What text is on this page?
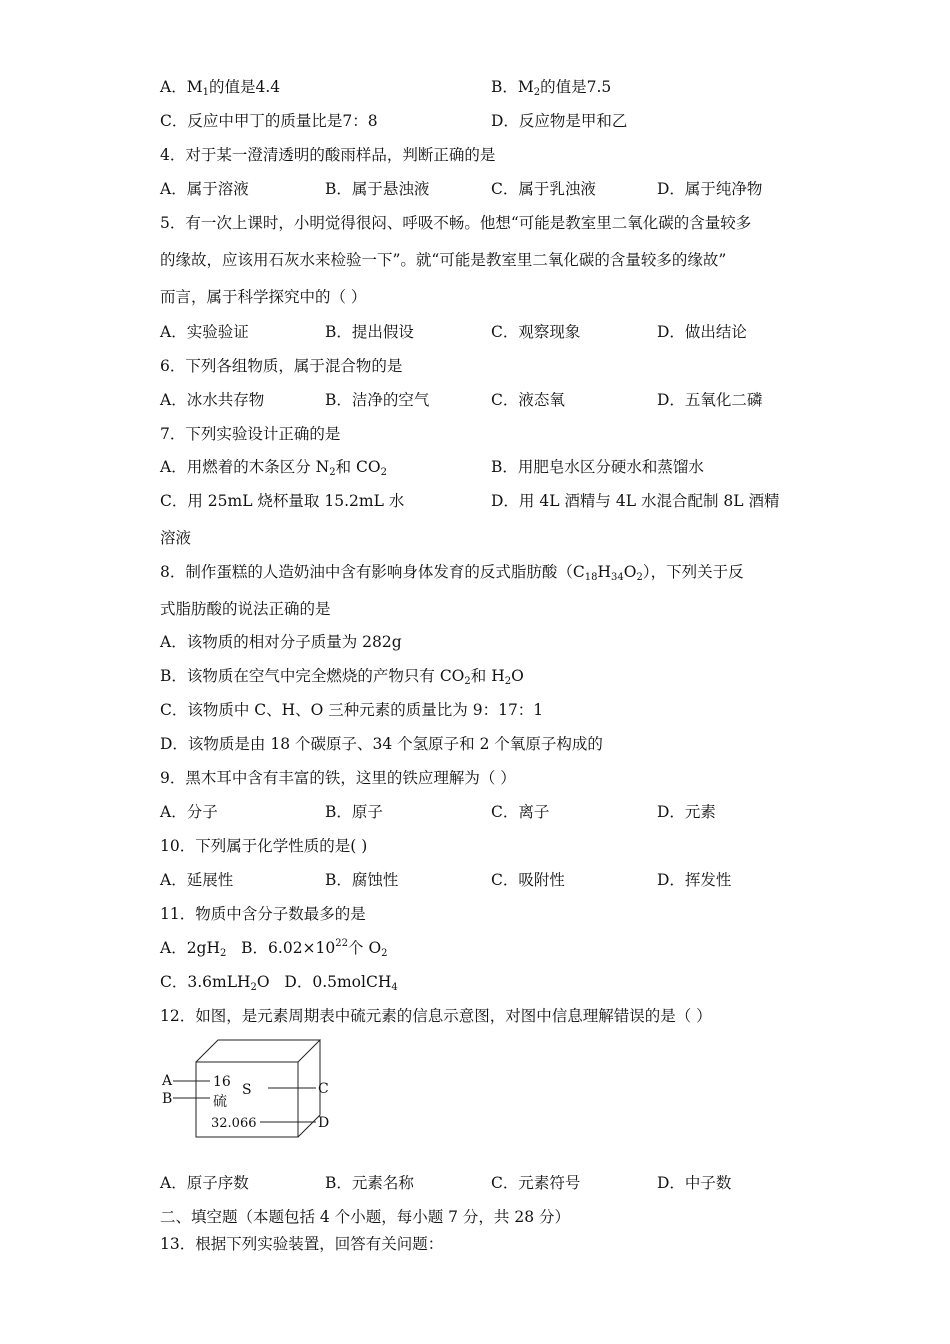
A．$M_1$的值是4.4	B．$M_2$的值是7.5
C．反应中甲丁的质量比是7：8	D．反应物是甲和乙
4．对于某一澄清透明的酸雨样品，判断正确的是
A．属于溶液	B．属于悬浊液	C．属于乳浊液	D．属于纯净物
5．有一次上课时，小明觉得很闷、呼吸不畅。他想“可能是教室里二氧化碳的含量较多
的缘故，应该用石灰水来检验一下”。就“可能是教室里二氧化碳的含量较多的缘故”
而言，属于科学探究中的（ ）
A．实验验证	B．提出假设	C．观察现象	D．做出结论
6．下列各组物质，属于混合物的是
A．冰水共存物	B．洁净的空气	C．液态氧	D．五氧化二磷
7．下列实验设计正确的是
A．用燃着的木条区分 $N_2$和 $CO_2$	B．用肥皂水区分硬水和蒸馏水
C．用 25mL 烧杯量取 15.2mL 水	D．用 4L 酒精与 4L 水混合配制 8L 酒精
溶液
8．制作蛋糕的人造奶油中含有影响身体发育的反式脂肪酸$(C_{18}H_{34}O_2)$，下列关于反
式脂肪酸的说法正确的是
A．该物质的相对分子质量为 282g
B．该物质在空气中完全燃烧的产物只有 $CO_2$和 $H_2O$
C．该物质中 C、H、O 三种元素的质量比为 9：17：1
D．该物质是由 18 个碳原子、34 个氢原子和 2 个氧原子构成的
9．黑木耳中含有丰富的铁，这里的铁应理解为（ ）
A．分子	B．原子	C．离子	D．元素
10．下列属于化学性质的是( )
A．延展性	B．腐蚀性	C．吸附性	D．挥发性
11．物质中含分子数最多的是
A．$2gH_2$ B．$6.02\times 10^{22}$个 $O_2$
C．3.6mLH$_2$O D．0.5molCH$_4$
12．如图，是元素周期表中硫元素的信息示意图，对图中信息理解错误的是（ ）
A
B
C
D
16 S
硫
32.066
A．原子序数	B．元素名称	C．元素符号	D．中子数
二、填空题（本题包括 4 个小题，每小题 7 分，共 28 分）
13．根据下列实验装置，回答有关问题：
